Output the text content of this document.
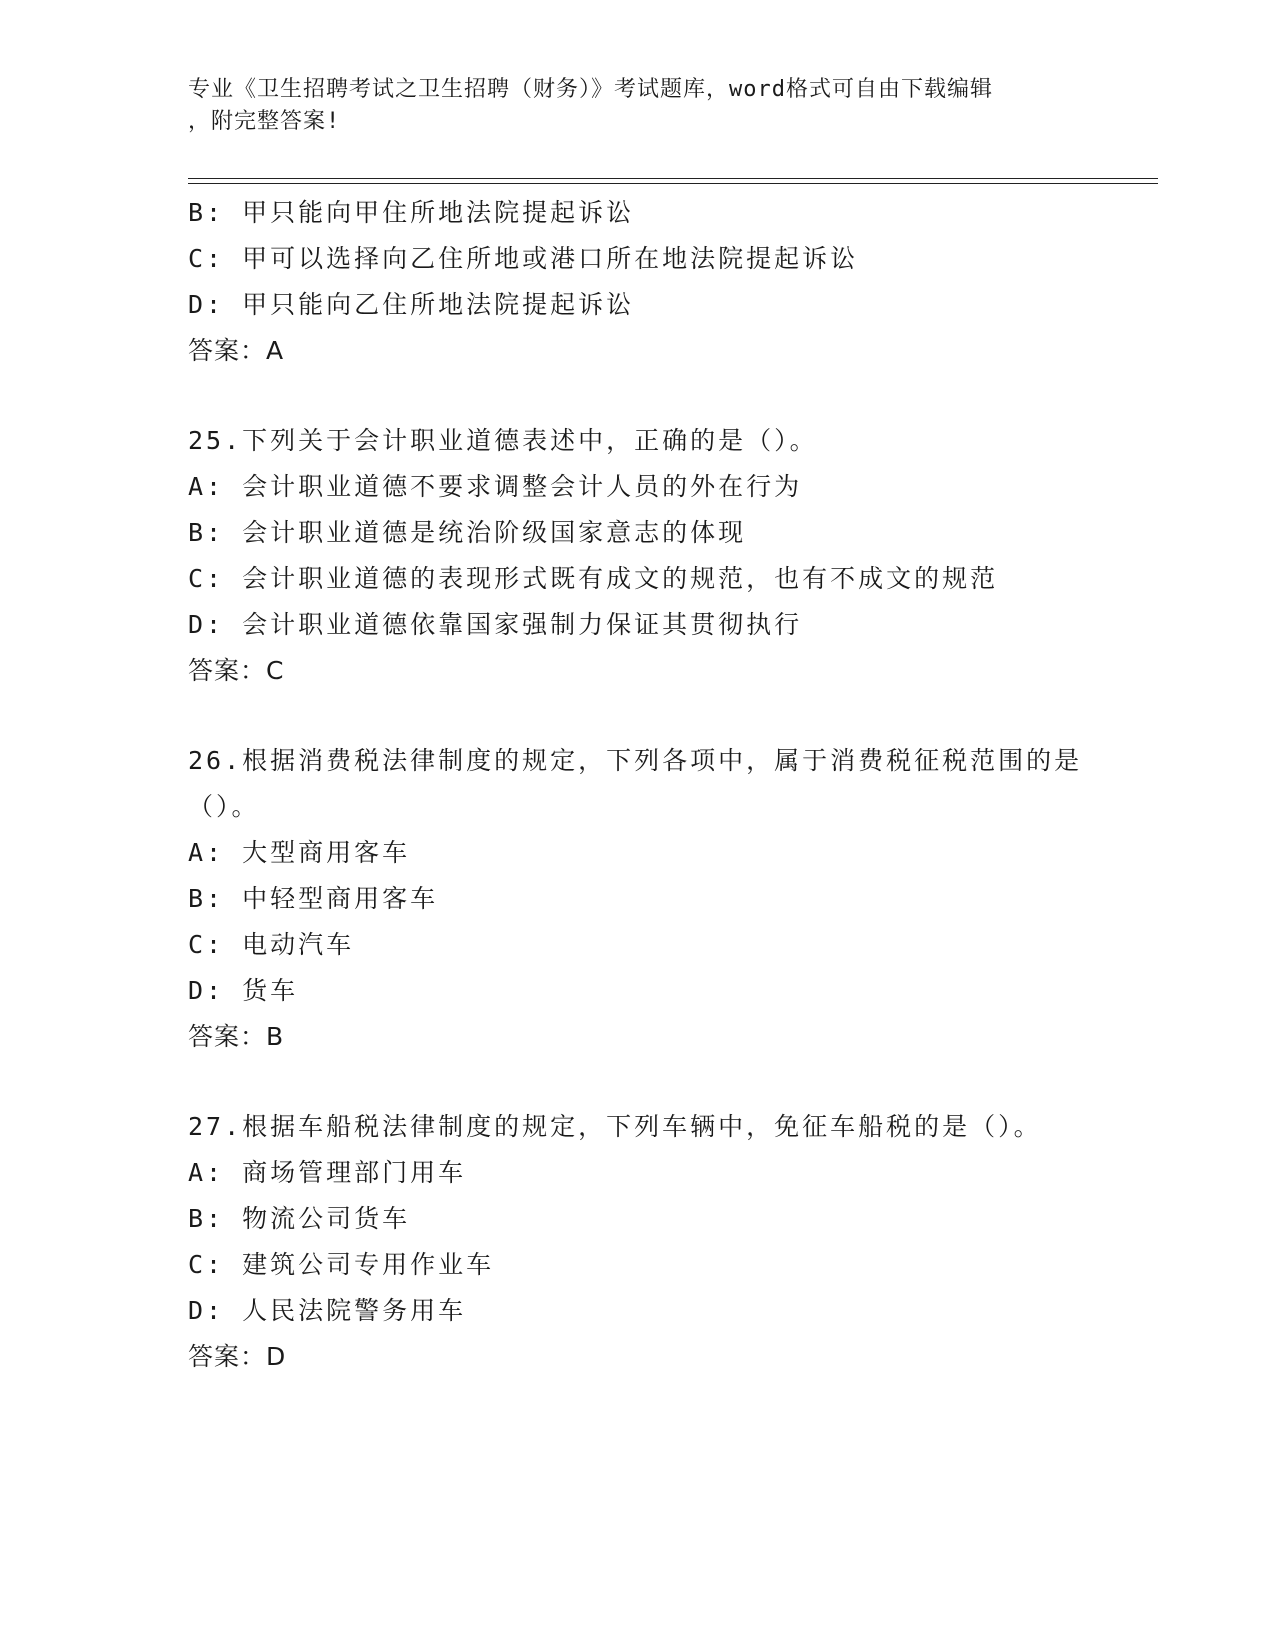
专业《卫生招聘考试之卫生招聘（财务）》考试题库，word格式可自由下载编辑
，附完整答案!
B: 甲只能向甲住所地法院提起诉讼
C: 甲可以选择向乙住所地或港口所在地法院提起诉讼
D: 甲只能向乙住所地法院提起诉讼
答案：A
25.下列关于会计职业道德表述中，正确的是（）。
A: 会计职业道德不要求调整会计人员的外在行为
B: 会计职业道德是统治阶级国家意志的体现
C: 会计职业道德的表现形式既有成文的规范，也有不成文的规范
D: 会计职业道德依靠国家强制力保证其贯彻执行
答案：C
26.根据消费税法律制度的规定，下列各项中，属于消费税征税范围的是（）。
A: 大型商用客车
B: 中轻型商用客车
C: 电动汽车
D: 货车
答案：B
27.根据车船税法律制度的规定，下列车辆中，免征车船税的是（）。
A: 商场管理部门用车
B: 物流公司货车
C: 建筑公司专用作业车
D: 人民法院警务用车
答案：D
